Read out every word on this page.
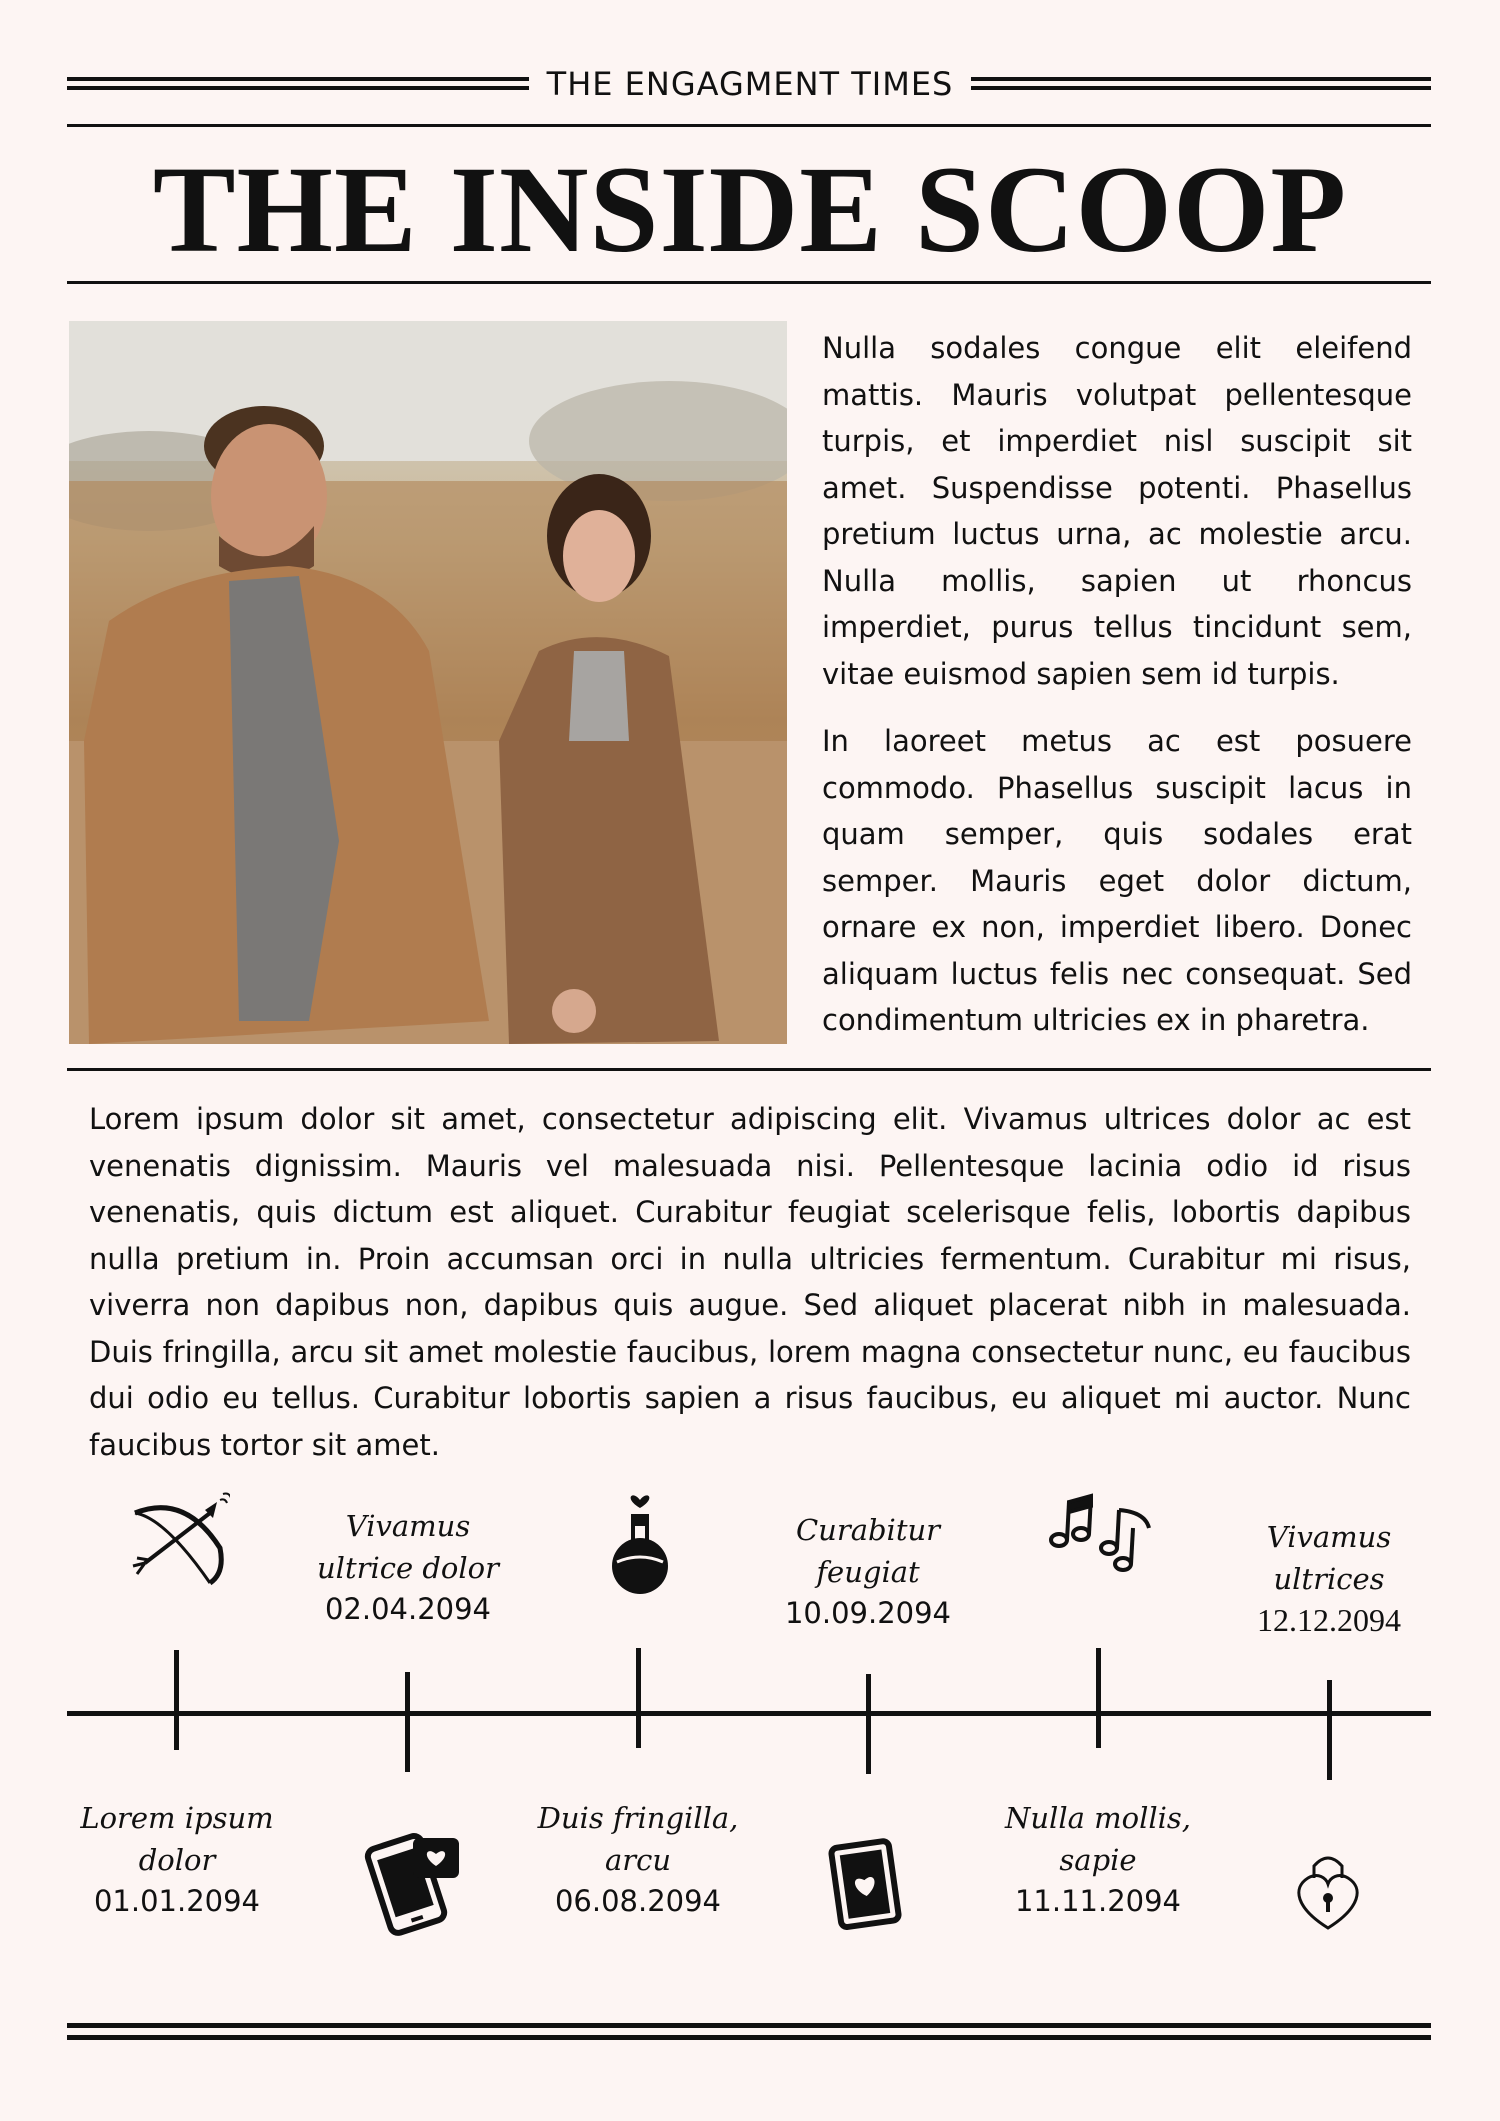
THE ENGAGMENT TIMES
THE INSIDE SCOOP

Nulla sodales congue elit eleifend mattis. Mauris volutpat pellentesque turpis, et imperdiet nisl suscipit sit amet. Suspendisse potenti. Phasellus pretium luctus urna, ac molestie arcu. Nulla mollis, sapien ut rhoncus imperdiet, purus tellus tincidunt sem, vitae euismod sapien sem id turpis.

In laoreet metus ac est posuere commodo. Phasellus suscipit lacus in quam semper, quis sodales erat semper. Mauris eget dolor dictum, ornare ex non, imperdiet libero. Donec aliquam luctus felis nec consequat. Sed condimentum ultricies ex in pharetra.

Lorem ipsum dolor sit amet, consectetur adipiscing elit. Vivamus ultrices dolor ac est venenatis dignissim. Mauris vel malesuada nisi. Pellentesque lacinia odio id risus venenatis, quis dictum est aliquet. Curabitur feugiat scelerisque felis, lobortis dapibus nulla pretium in. Proin accumsan orci in nulla ultricies fermentum. Curabitur mi risus, viverra non dapibus non, dapibus quis augue. Sed aliquet placerat nibh in malesuada. Duis fringilla, arcu sit amet molestie faucibus, lorem magna consectetur nunc, eu faucibus dui odio eu tellus. Curabitur lobortis sapien a risus faucibus, eu aliquet mi auctor. Nunc faucibus tortor sit amet.

Vivamus
ultrice dolor
02.04.2094
Curabitur
feugiat
10.09.2094
Vivamus
ultrices
12.12.2094
Lorem ipsum
dolor
01.01.2094
Duis fringilla,
arcu
06.08.2094
Nulla mollis,
sapie
11.11.2094
